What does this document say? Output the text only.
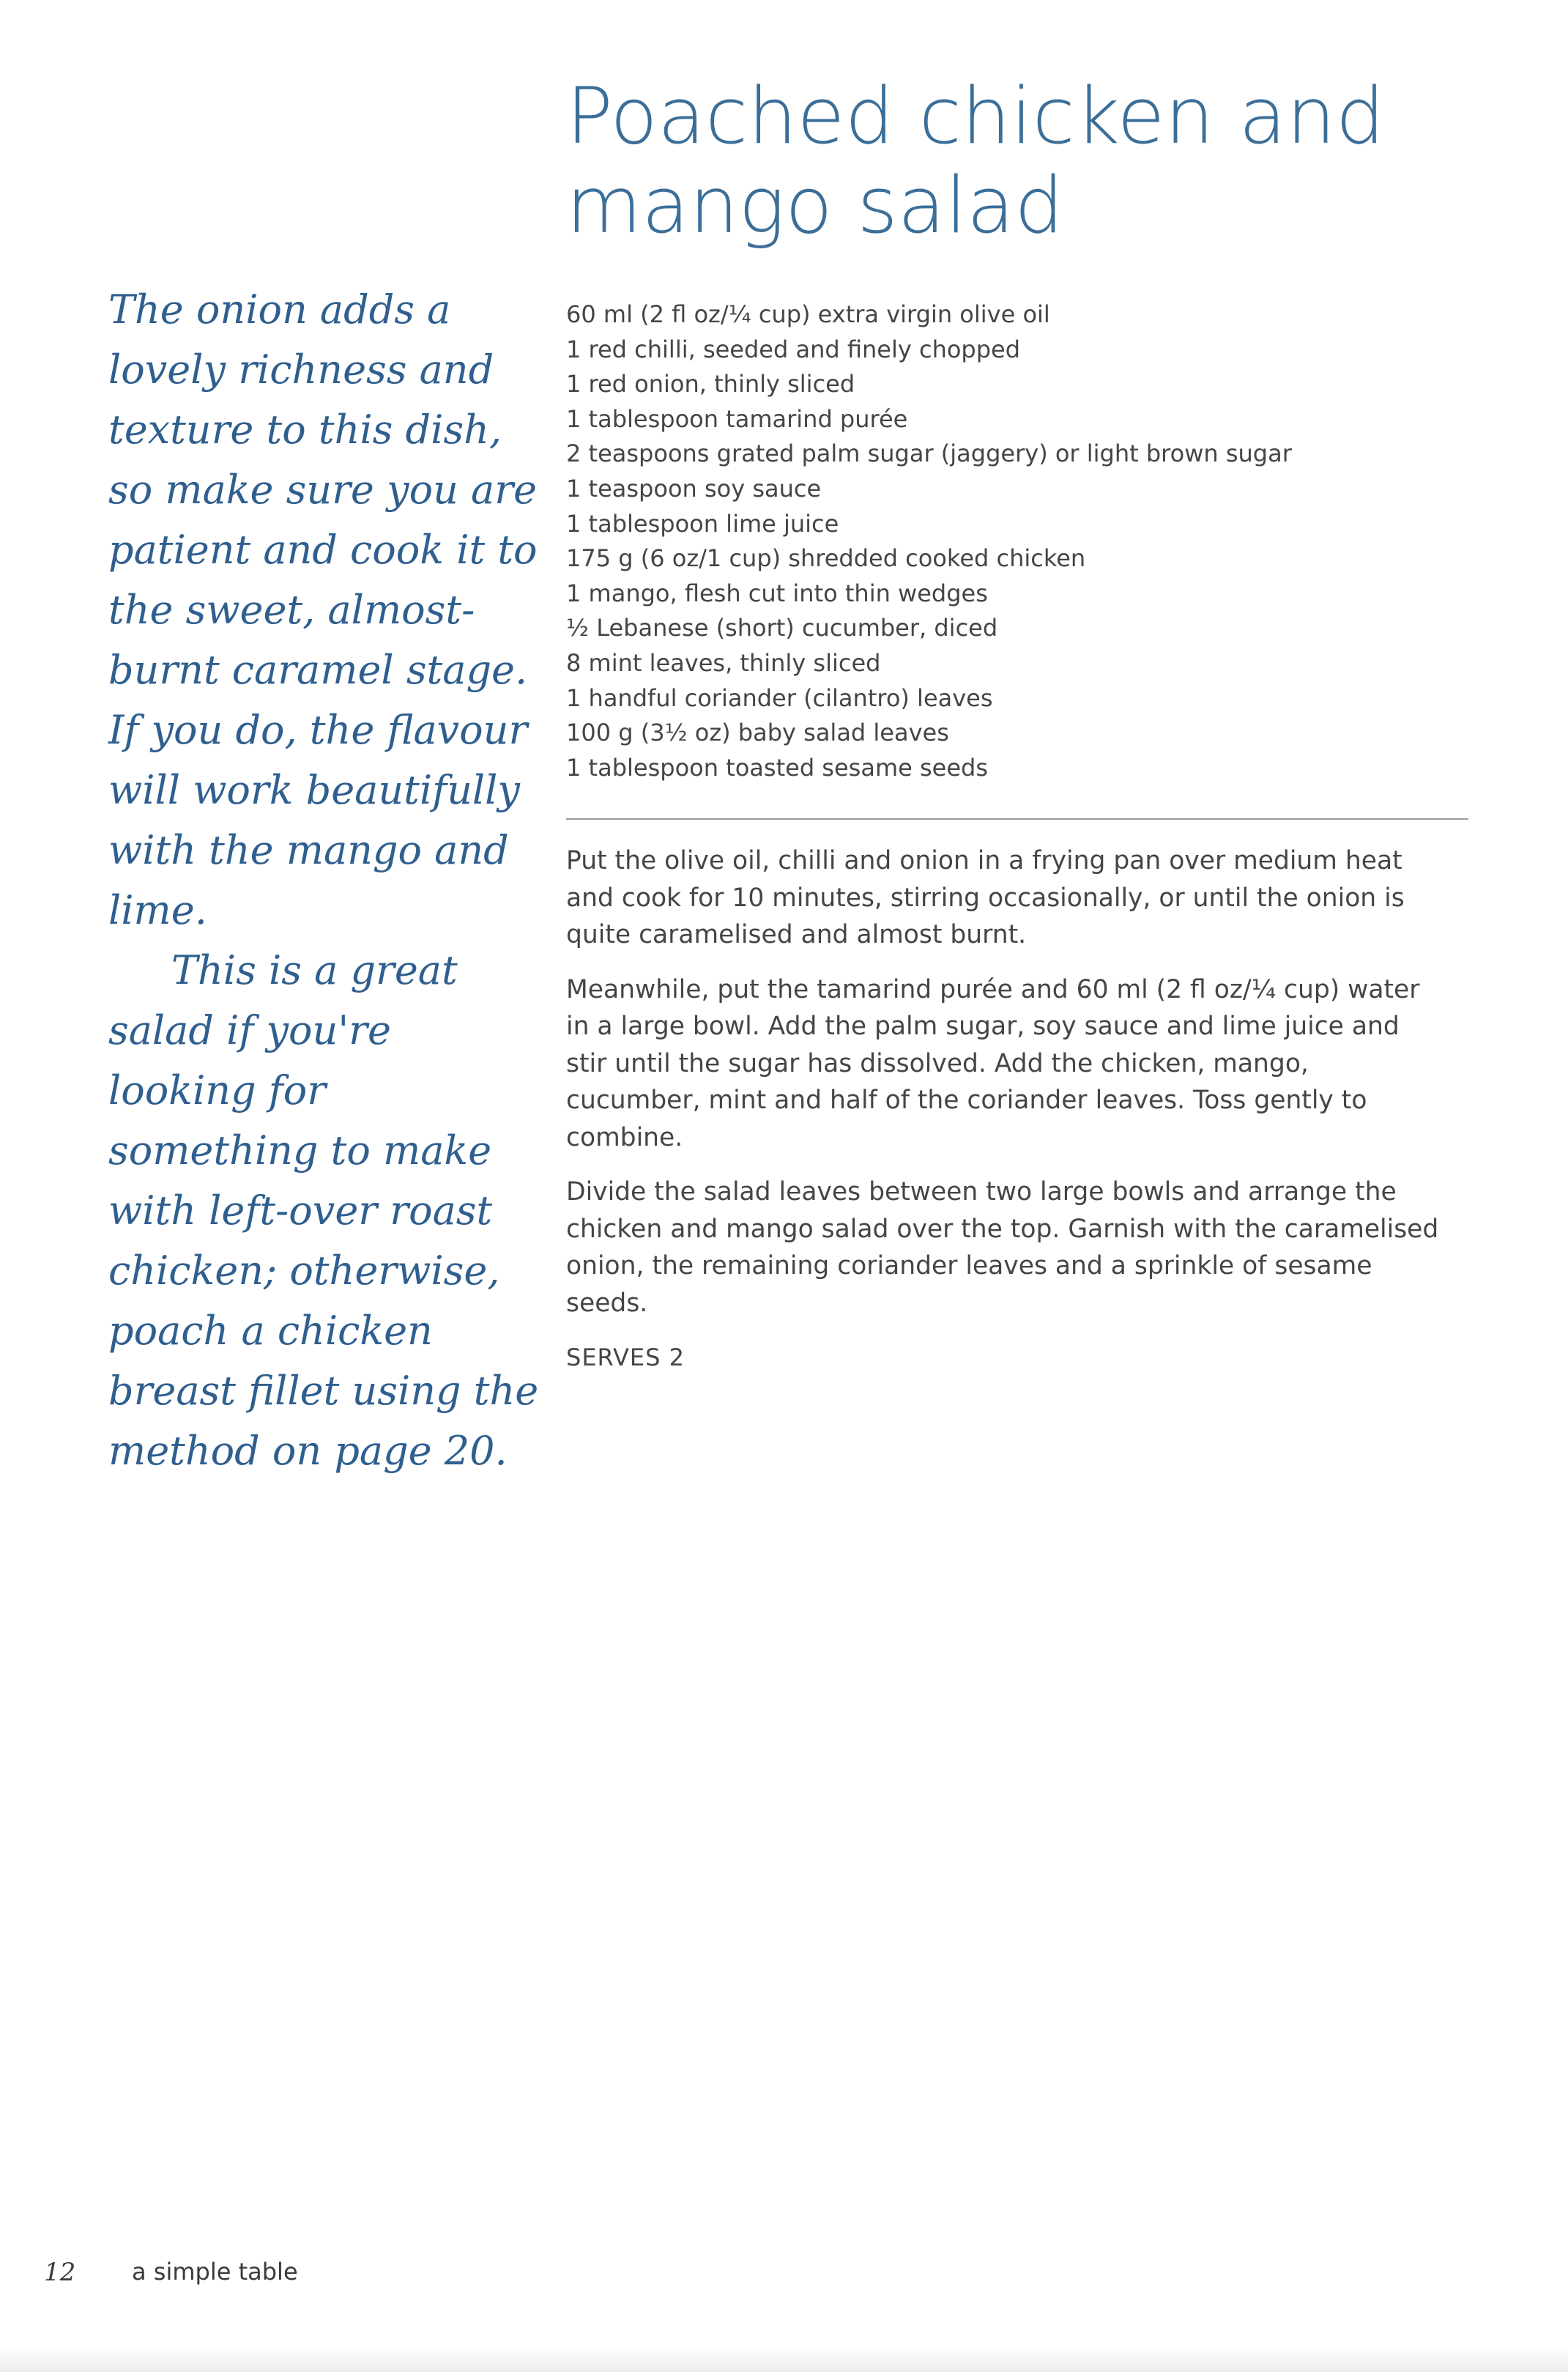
Poached chicken and
mango salad

The onion adds a lovely richness and texture to this dish, so make sure you are patient and cook it to the sweet, almost-burnt caramel stage. If you do, the flavour will work beautifully with the mango and lime.

This is a great salad if you're looking for something to make with left-over roast chicken; otherwise, poach a chicken breast fillet using the method on page 20.

60 ml (2 fl oz/¼ cup) extra virgin olive oil
1 red chilli, seeded and finely chopped
1 red onion, thinly sliced
1 tablespoon tamarind purée
2 teaspoons grated palm sugar (jaggery) or light brown sugar
1 teaspoon soy sauce
1 tablespoon lime juice
175 g (6 oz/1 cup) shredded cooked chicken
1 mango, flesh cut into thin wedges
½ Lebanese (short) cucumber, diced
8 mint leaves, thinly sliced
1 handful coriander (cilantro) leaves
100 g (3½ oz) baby salad leaves
1 tablespoon toasted sesame seeds

Put the olive oil, chilli and onion in a frying pan over medium heat and cook for 10 minutes, stirring occasionally, or until the onion is quite caramelised and almost burnt.

Meanwhile, put the tamarind purée and 60 ml (2 fl oz/¼ cup) water in a large bowl. Add the palm sugar, soy sauce and lime juice and stir until the sugar has dissolved. Add the chicken, mango, cucumber, mint and half of the coriander leaves. Toss gently to combine.

Divide the salad leaves between two large bowls and arrange the chicken and mango salad over the top. Garnish with the caramelised onion, the remaining coriander leaves and a sprinkle of sesame seeds.

SERVES 2
12 a simple table
